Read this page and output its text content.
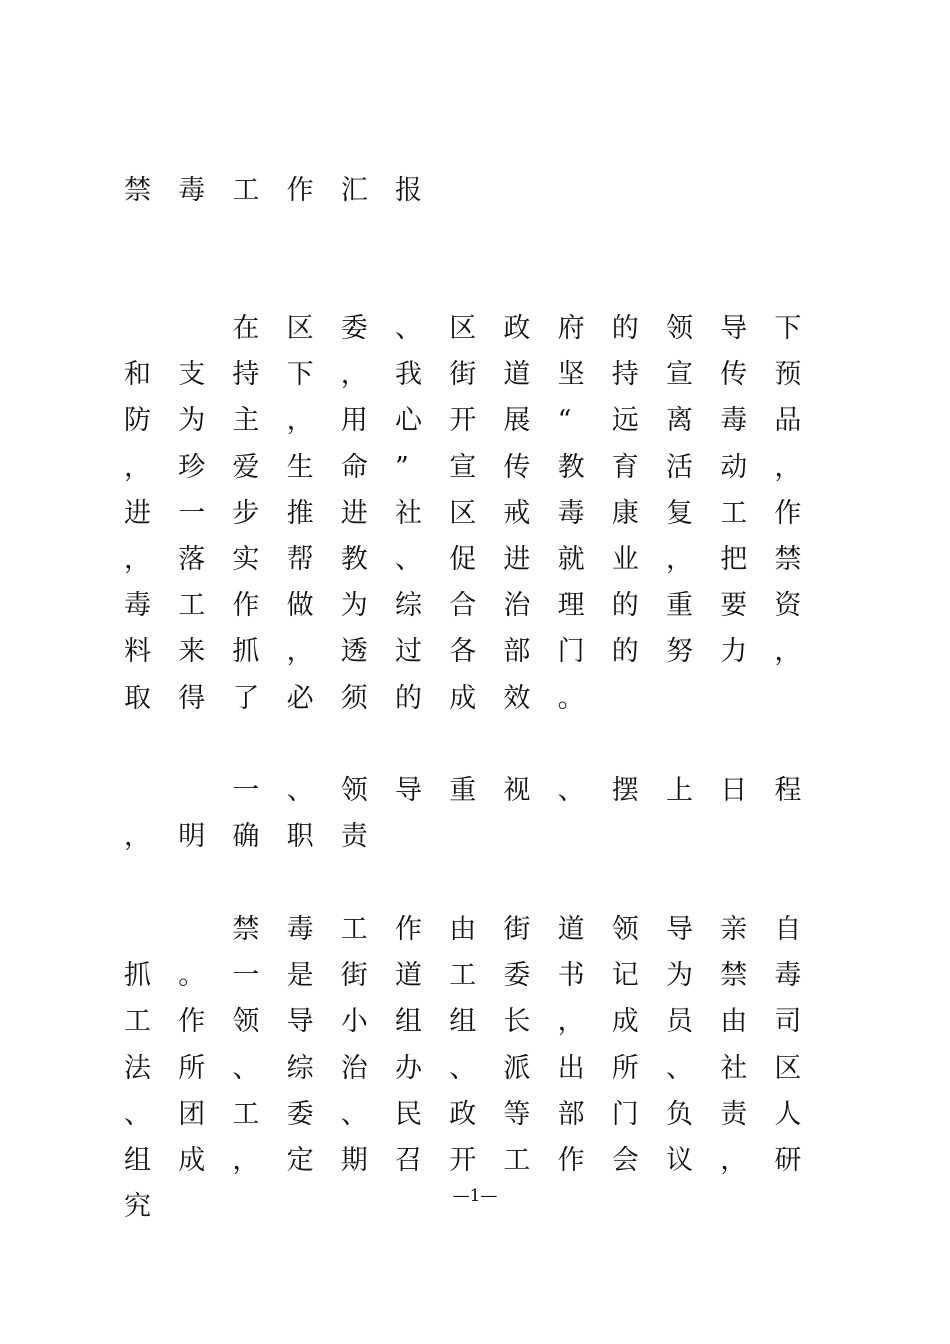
禁	毒	工	作	汇	报
在	区	委	、	区	政	府	的	领	导	下
和	支	持	下	，	我	街	道	坚	持	宣	传	预
防	为	主	，	用	心	开	展	“	远	离	毒	品
，	珍	爱	生	命	”	宣	传	教	育	活	动	，
进	一	步	推	进	社	区	戒	毒	康	复	工	作
，	落	实	帮	教	、	促	进	就	业	，	把	禁
毒	工	作	做	为	综	合	治	理	的	重	要	资
料	来	抓	，	透	过	各	部	门	的	努	力	，
取	得	了	必	须	的	成	效	。
一	、	领	导	重	视	、	摆	上	日	程
，	明	确	职	责
禁	毒	工	作	由	街	道	领	导	亲	自
抓	。	一	是	街	道	工	委	书	记	为	禁	毒
工	作	领	导	小	组	组	长	，	成	员	由	司
法	所	、	综	治	办	、	派	出	所	、	社	区
、	团	工	委	、	民	政	等	部	门	负	责	人
组	成	，	定	期	召	开	工	作	会	议	，	研
究	—1—
